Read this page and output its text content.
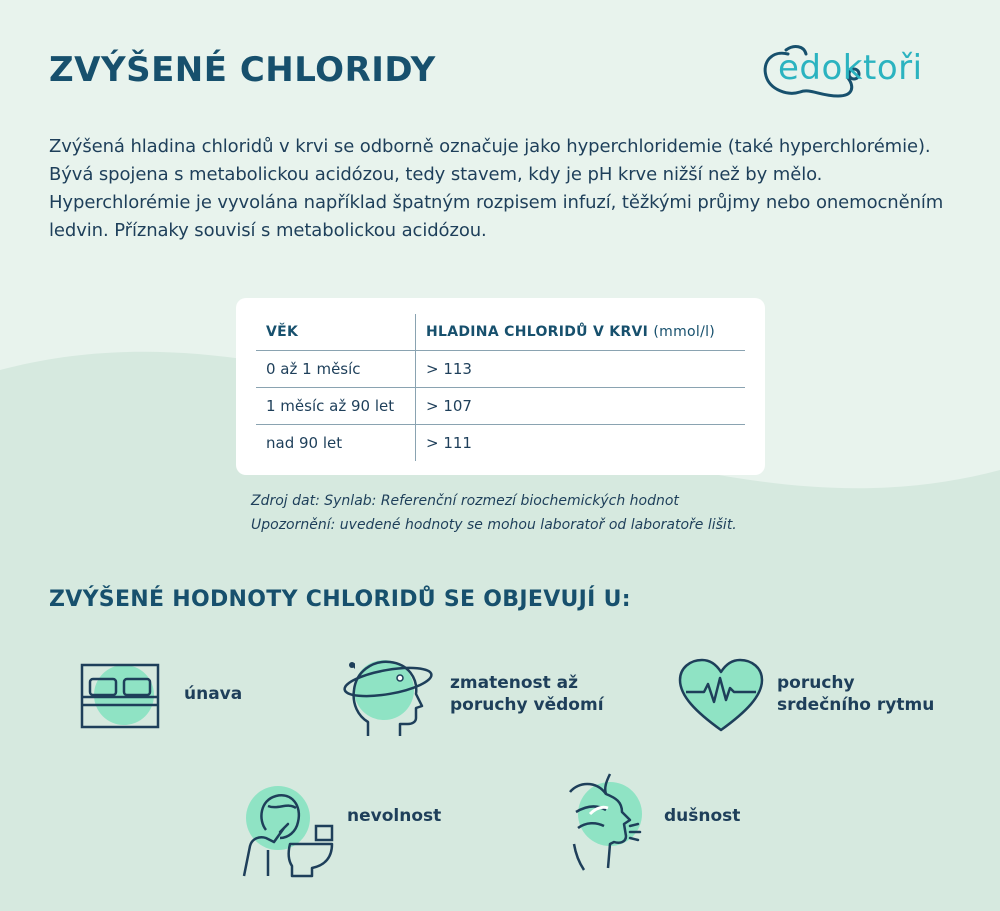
ZVÝŠENÉ CHLORIDY	edoktoři

Zvýšená hladina chloridů v krvi se odborně označuje jako hyperchloridemie (také hyperchlorémie). Bývá spojena s metabolickou acidózou, tedy stavem, kdy je pH krve nižší než by mělo. Hyperchlorémie je vyvolána například špatným rozpisem infuzí, těžkými průjmy nebo onemocněním ledvin. Příznaky souvisí s metabolickou acidózou.

VĚK	HLADINA CHLORIDŮ V KRVI (mmol/l)
0 až 1 měsíc	> 113
1 měsíc až 90 let	> 107
nad 90 let	> 111

Zdroj dat: Synlab: Referenční rozmezí biochemických hodnot
Upozornění: uvedené hodnoty se mohou laboratoř od laboratoře lišit.

ZVÝŠENÉ HODNOTY CHLORIDŮ SE OBJEVUJÍ U:
únava
zmatenost až
poruchy vědomí
poruchy
srdečního rytmu
nevolnost	dušnost
